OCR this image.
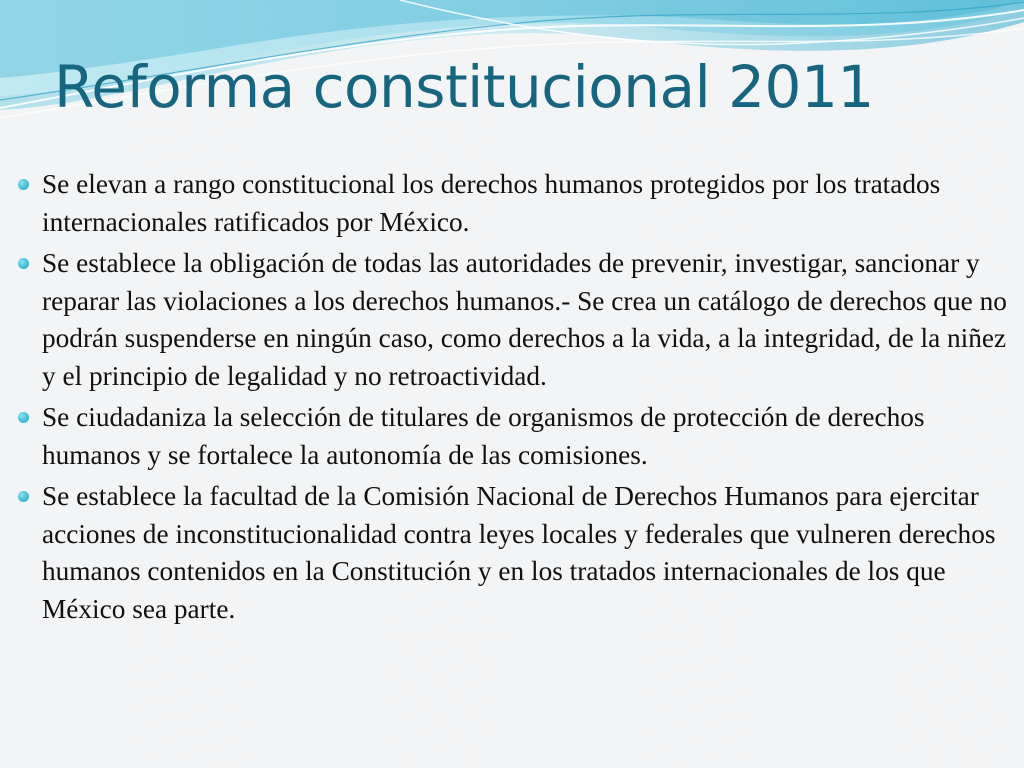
Reforma constitucional 2011
Se elevan a rango constitucional los derechos humanos protegidos por los tratados internacionales ratificados por México.
Se establece la obligación de todas las autoridades de prevenir, investigar, sancionar y reparar las violaciones a los derechos humanos.- Se crea un catálogo de derechos que no podrán suspenderse en ningún caso, como derechos a la vida, a la integridad, de la niñez y el principio de legalidad y no retroactividad.
Se ciudadaniza la selección de titulares de organismos de protección de derechos humanos y se fortalece la autonomía de las comisiones.
Se establece la facultad de la Comisión Nacional de Derechos Humanos para ejercitar acciones de inconstitucionalidad contra leyes locales y federales que vulneren derechos humanos contenidos en la Constitución y en los tratados internacionales de los que México sea parte.
